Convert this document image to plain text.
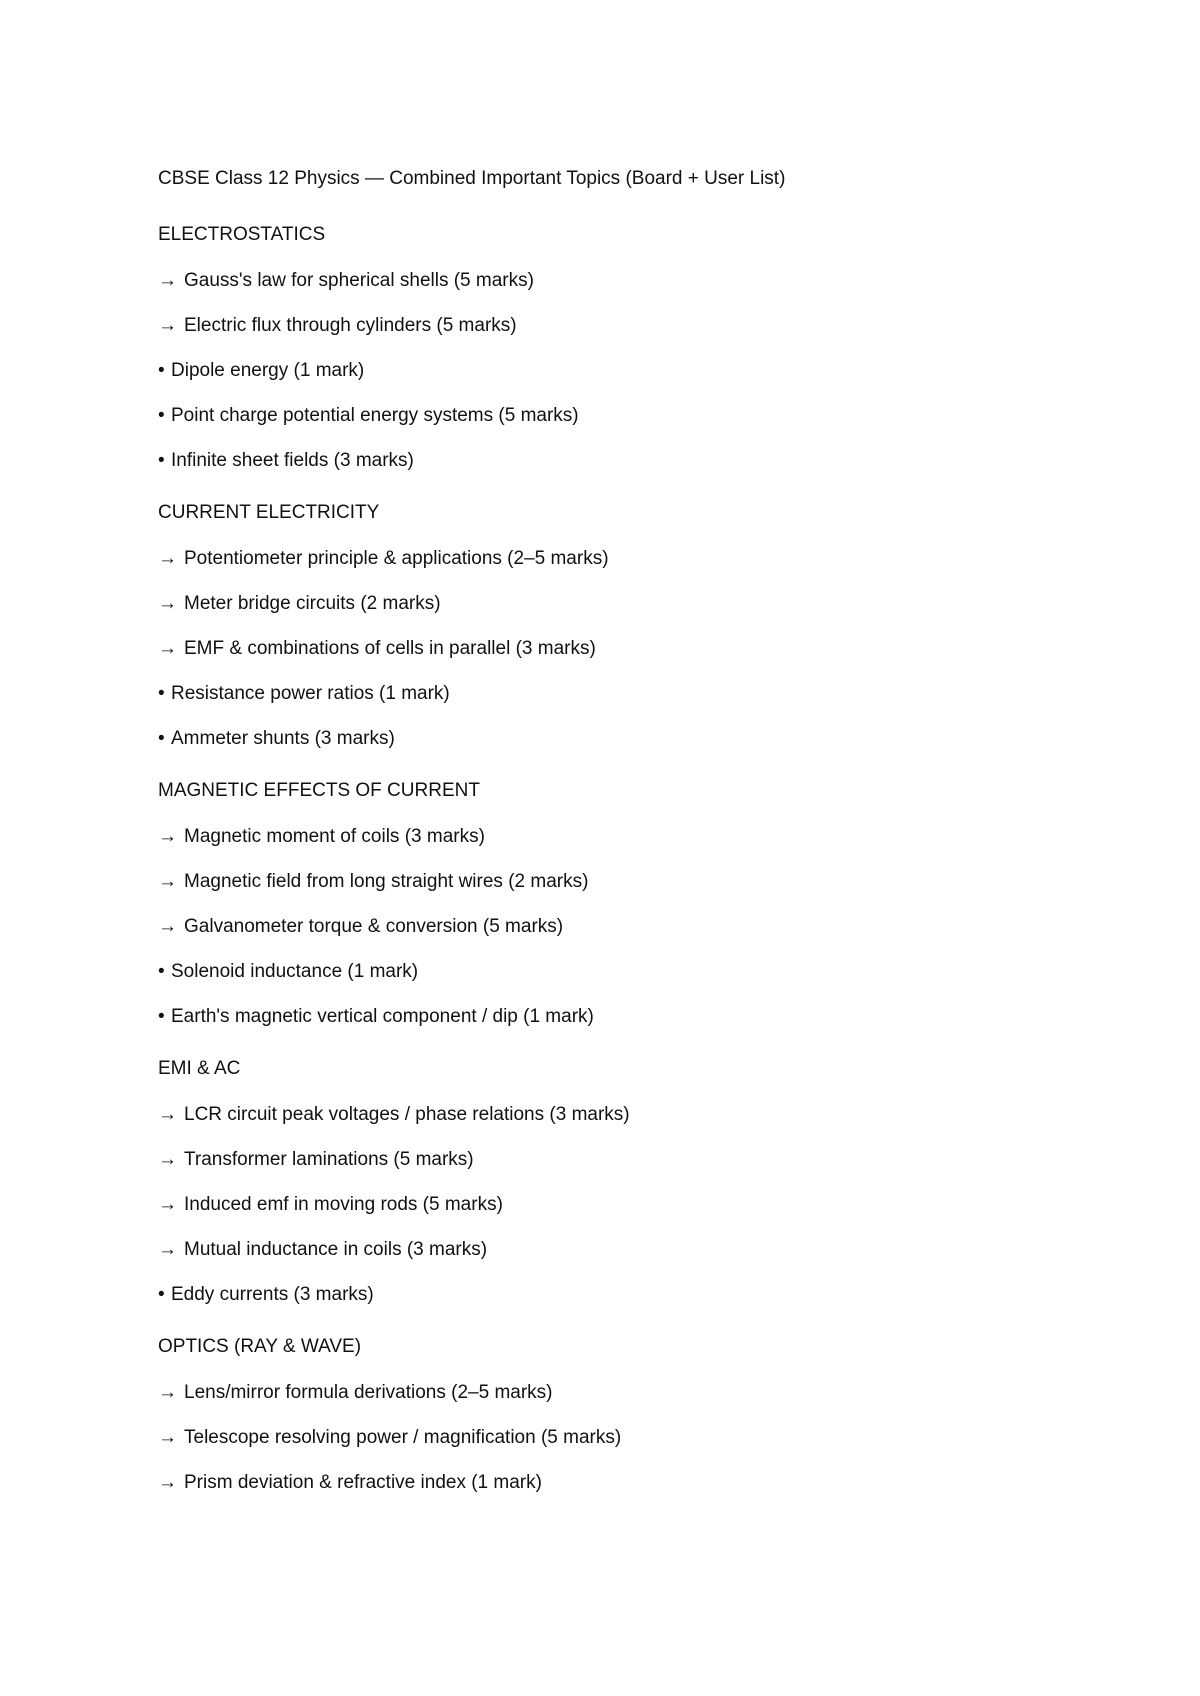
CBSE Class 12 Physics — Combined Important Topics (Board + User List)
ELECTROSTATICS
→ Gauss's law for spherical shells (5 marks)
→ Electric flux through cylinders (5 marks)
• Dipole energy (1 mark)
• Point charge potential energy systems (5 marks)
• Infinite sheet fields (3 marks)
CURRENT ELECTRICITY
→ Potentiometer principle & applications (2–5 marks)
→ Meter bridge circuits (2 marks)
→ EMF & combinations of cells in parallel (3 marks)
• Resistance power ratios (1 mark)
• Ammeter shunts (3 marks)
MAGNETIC EFFECTS OF CURRENT
→ Magnetic moment of coils (3 marks)
→ Magnetic field from long straight wires (2 marks)
→ Galvanometer torque & conversion (5 marks)
• Solenoid inductance (1 mark)
• Earth's magnetic vertical component / dip (1 mark)
EMI & AC
→ LCR circuit peak voltages / phase relations (3 marks)
→ Transformer laminations (5 marks)
→ Induced emf in moving rods (5 marks)
→ Mutual inductance in coils (3 marks)
• Eddy currents (3 marks)
OPTICS (RAY & WAVE)
→ Lens/mirror formula derivations (2–5 marks)
→ Telescope resolving power / magnification (5 marks)
→ Prism deviation & refractive index (1 mark)
